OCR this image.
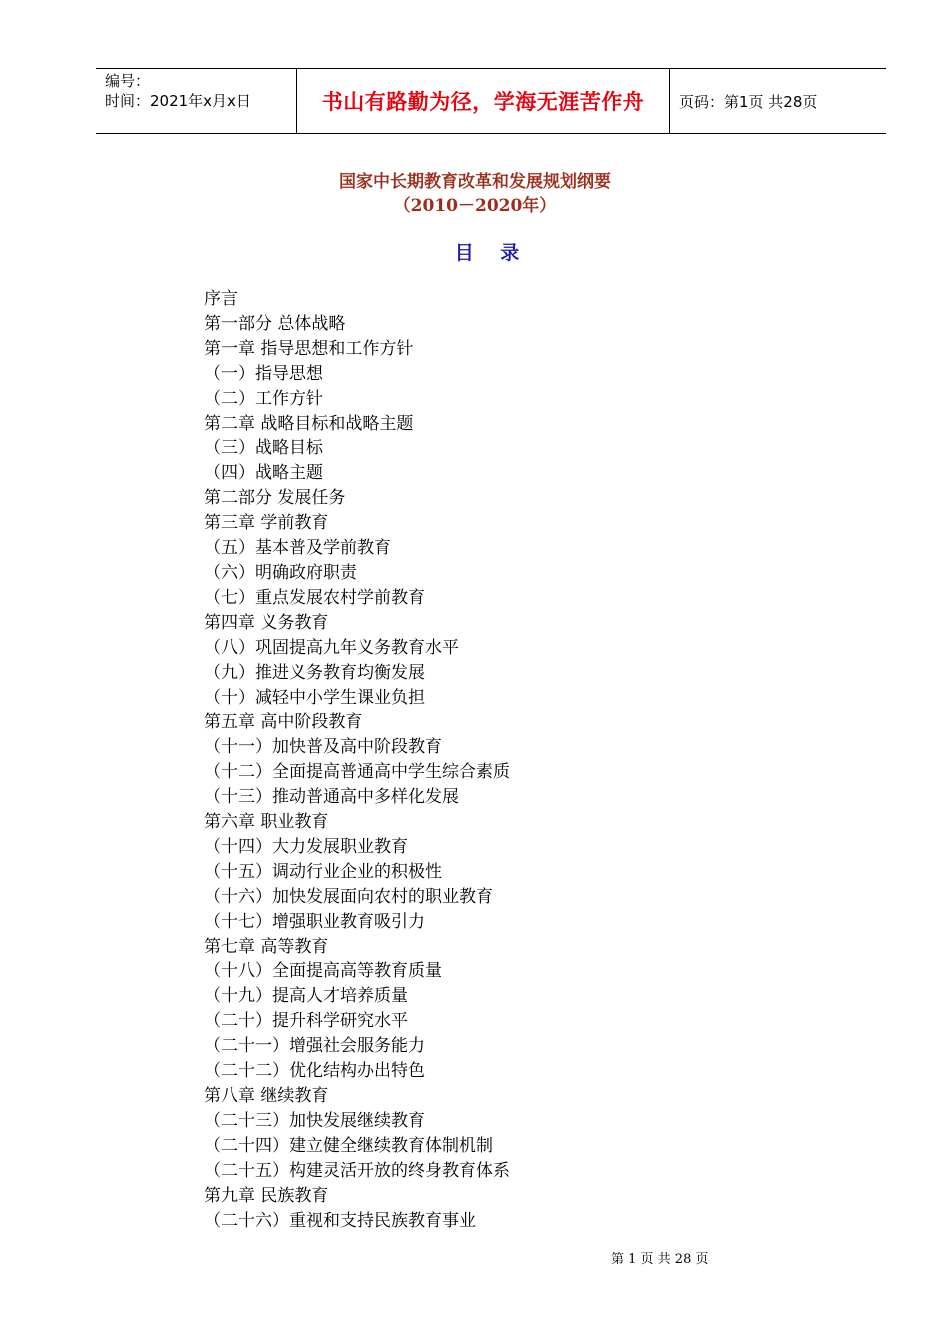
编号：
时间：2021年x月x日	书山有路勤为径，学海无涯苦作舟 页码：第1页 共28页
国家中长期教育改革和发展规划纲要
（2010－2020年）
目 录
序言
第一部分 总体战略
第一章 指导思想和工作方针
（一）指导思想
（二）工作方针
第二章 战略目标和战略主题
（三）战略目标
（四）战略主题
第二部分 发展任务
第三章 学前教育
（五）基本普及学前教育
（六）明确政府职责
（七）重点发展农村学前教育
第四章 义务教育
（八）巩固提高九年义务教育水平
（九）推进义务教育均衡发展
（十）减轻中小学生课业负担
第五章 高中阶段教育
（十一）加快普及高中阶段教育
（十二）全面提高普通高中学生综合素质
（十三）推动普通高中多样化发展
第六章 职业教育
（十四）大力发展职业教育
（十五）调动行业企业的积极性
（十六）加快发展面向农村的职业教育
（十七）增强职业教育吸引力
第七章 高等教育
（十八）全面提高高等教育质量
（十九）提高人才培养质量
（二十）提升科学研究水平
（二十一）增强社会服务能力
（二十二）优化结构办出特色
第八章 继续教育
（二十三）加快发展继续教育
（二十四）建立健全继续教育体制机制
（二十五）构建灵活开放的终身教育体系
第九章 民族教育
（二十六）重视和支持民族教育事业
第 1 页 共 28 页
